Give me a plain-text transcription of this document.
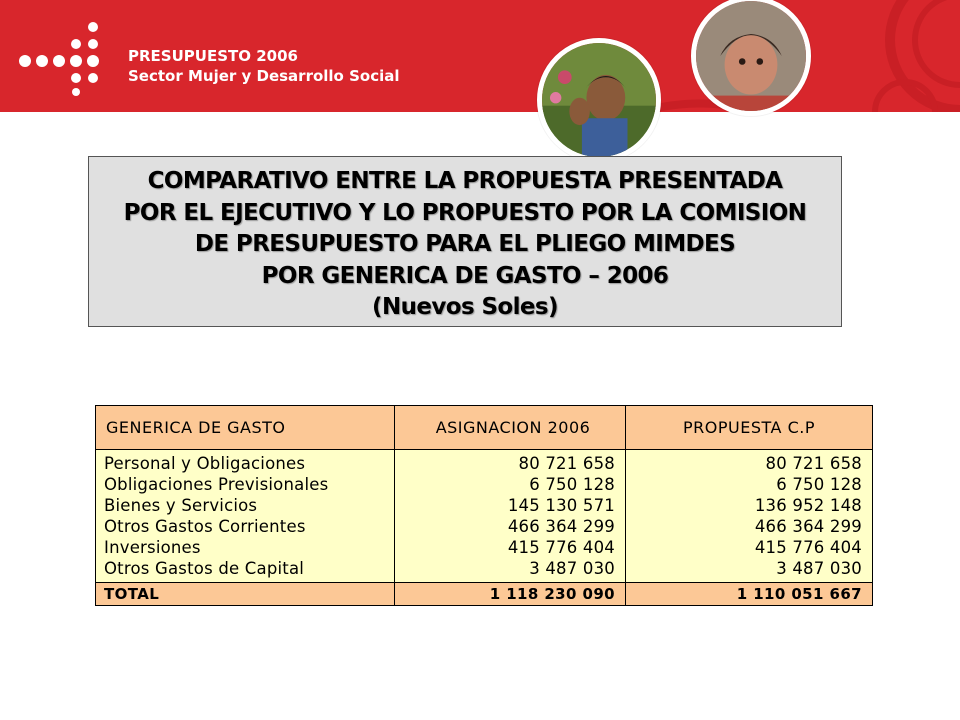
PRESUPUESTO 2006
Sector Mujer y Desarrollo Social
COMPARATIVO ENTRE LA PROPUESTA PRESENTADA
POR EL EJECUTIVO Y LO PROPUESTO POR LA COMISION
DE PRESUPUESTO PARA EL PLIEGO MIMDES
POR GENERICA DE GASTO – 2006
(Nuevos Soles)
GENERICA DE GASTO	ASIGNACION 2006	PROPUESTA C.P
Personal y Obligaciones	80 721 658	80 721 658
Obligaciones Previsionales	6 750 128	6 750 128
Bienes y Servicios	145 130 571	136 952 148
Otros Gastos Corrientes	466 364 299	466 364 299
Inversiones	415 776 404	415 776 404
Otros Gastos de Capital	3 487 030	3 487 030
TOTAL	1 118 230 090	1 110 051 667
